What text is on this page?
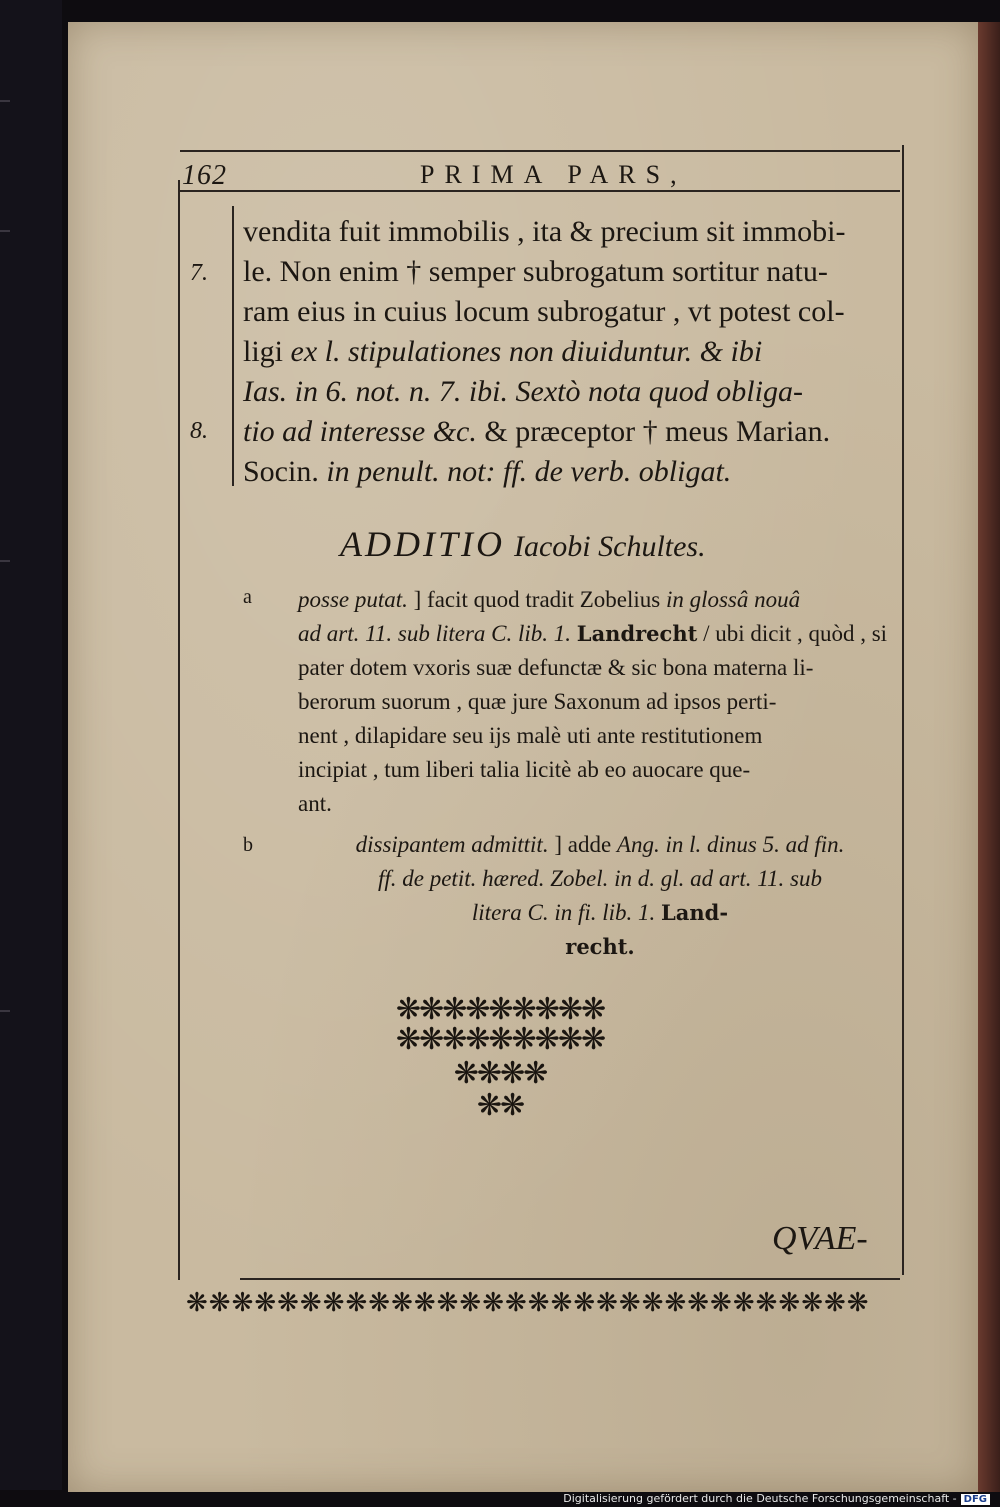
162	PRIMA PARS,
7.
8.
vendita fuit immobilis , ita & precium sit immobi-
le. Non enim † semper subrogatum sortitur natu-
ram eius in cuius locum subrogatur , vt potest col-
ligi ex l. stipulationes non diuiduntur. & ibi
Ias. in 6. not. n. 7. ibi. Sextò nota quod obliga-
tio ad interesse &c. & præceptor † meus Marian.
Socin. in penult. not: ff. de verb. obligat.
ADDITIO Iacobi Schultes.
a posse putat. ] facit quod tradit Zobelius in glossâ nouâ
ad art. 11. sub litera C. lib. 1. Landrecht / ubi dicit , quòd , si
pater dotem vxoris suæ defunctæ & sic bona materna li-
berorum suorum , quæ jure Saxonum ad ipsos perti-
nent , dilapidare seu ijs malè uti ante restitutionem
incipiat , tum liberi talia licitè ab eo auocare que-
ant.
b	dissipantem admittit. ] adde Ang. in l. dinus 5. ad fin.
ff. de petit. hæred. Zobel. in d. gl. ad art. 11. sub
litera C. in fi. lib. 1. Land-
recht.
❋❋❋❋❋❋❋❋❋
❋❋❋❋❋❋❋❋❋
❋❋❋❋
❋❋
QVAE-
❋❋❋❋❋❋❋❋❋❋❋❋❋❋❋❋❋❋❋❋❋❋❋❋❋❋❋❋❋❋
Digitalisierung gefördert durch die Deutsche Forschungsgemeinschaft - DFG
